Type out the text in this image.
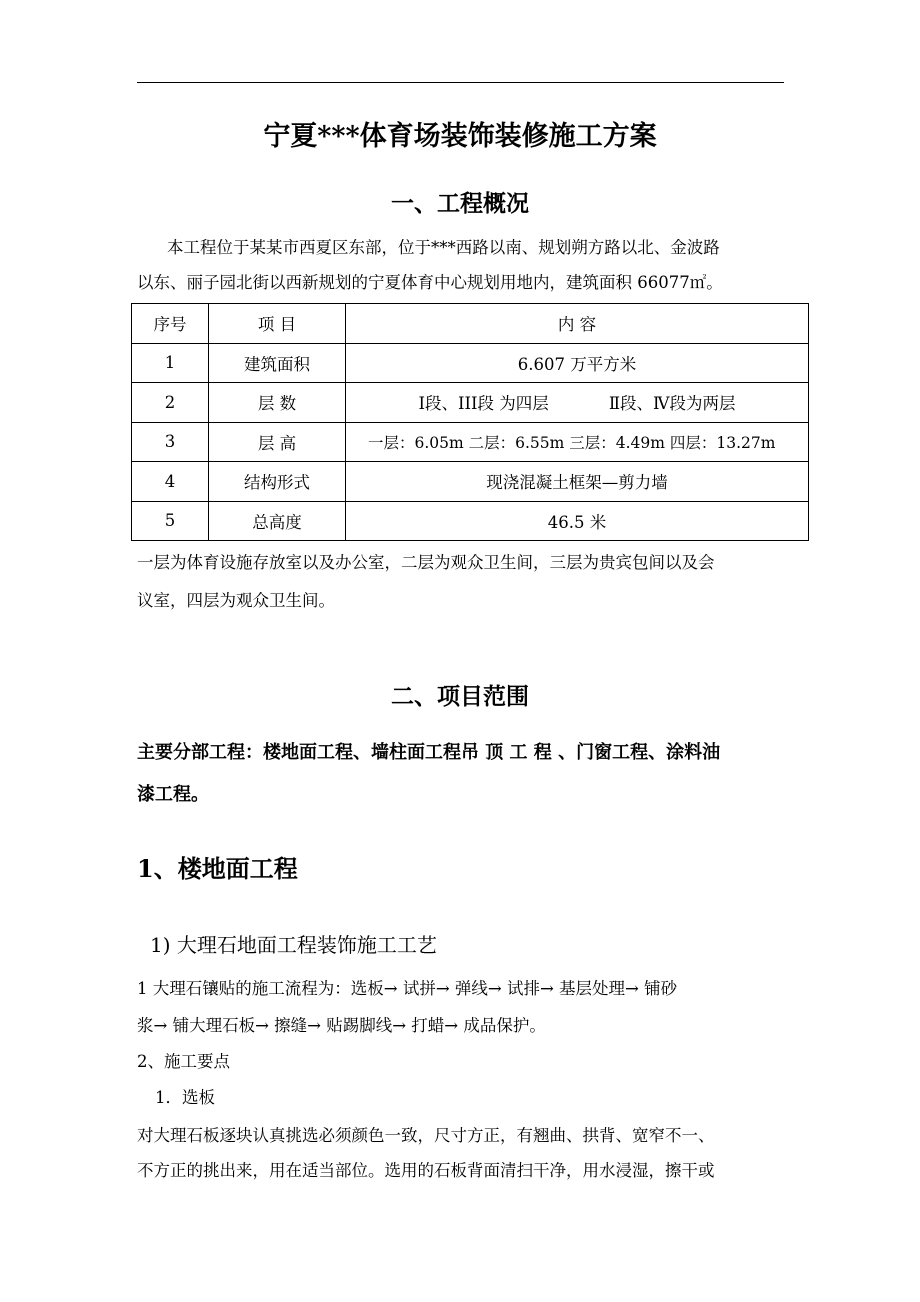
宁夏***体育场装饰装修施工方案
一、工程概况
本工程位于某某市西夏区东部，位于***西路以南、规划朔方路以北、金波路
以东、丽子园北街以西新规划的宁夏体育中心规划用地内，建筑面积 66077㎡。
序号	项 目	内 容
1	建筑面积	6.607 万平方米
2	层 数	Ⅰ段、III段 为四层 Ⅱ段、Ⅳ段为两层
3	层 高	一层：6.05m 二层：6.55m 三层：4.49m 四层：13.27m
4	结构形式	现浇混凝土框架—剪力墙
5	总高度	46.5 米
一层为体育设施存放室以及办公室，二层为观众卫生间，三层为贵宾包间以及会
议室，四层为观众卫生间。
二、项目范围
主要分部工程：楼地面工程、墙柱面工程吊 顶 工 程 、门窗工程、涂料油
漆工程。
1、楼地面工程
1) 大理石地面工程装饰施工工艺
1 大理石镶贴的施工流程为：选板→ 试拼→ 弹线→ 试排→ 基层处理→ 铺砂
浆→ 铺大理石板→ 擦缝→ 贴踢脚线→ 打蜡→ 成品保护。
2、施工要点
1．选板
对大理石板逐块认真挑选必须颜色一致，尺寸方正，有翘曲、拱背、宽窄不一、
不方正的挑出来，用在适当部位。选用的石板背面清扫干净，用水浸湿，擦干或
